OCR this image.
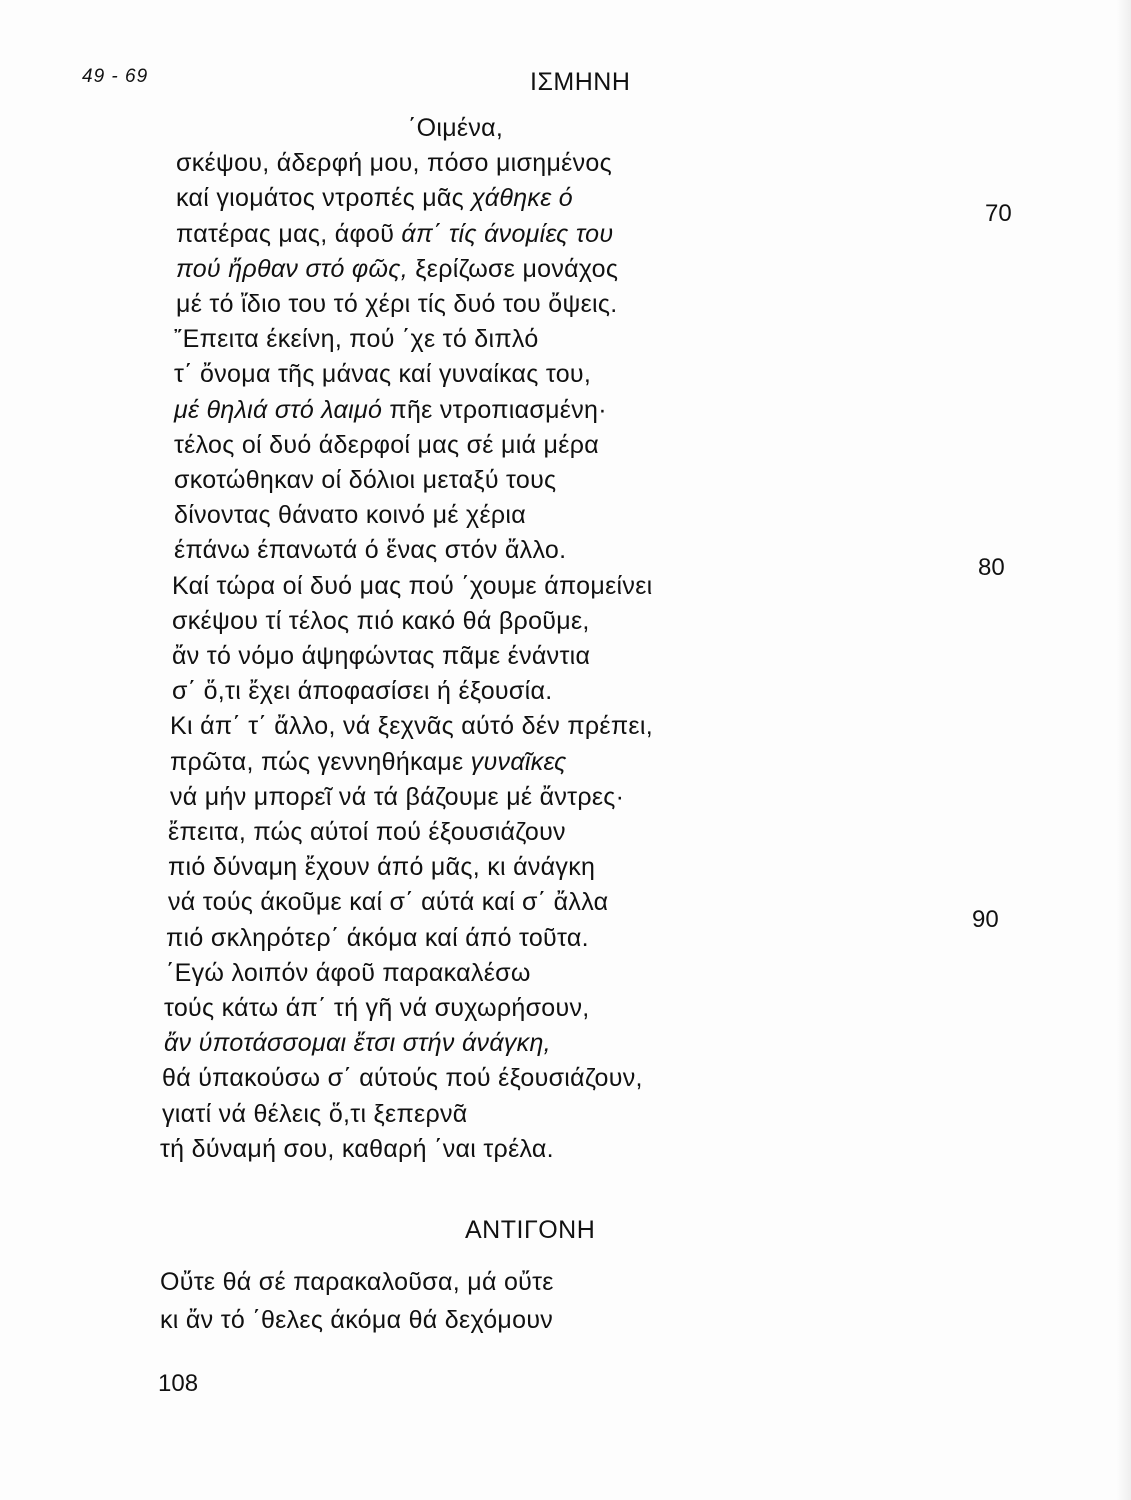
49 - 69	ΙΣΜΗΝΗ
΄Οιμένα,
σκέψου, άδερφή μου, πόσο μισημένος
καί γιομάτος ντροπές μᾶς χάθηκε ό
πατέρας μας, άφοῦ άπ΄ τίς άνομίες του
πού ἤρθαν στό φῶς, ξερίζωσε μονάχος
μέ τό ἴδιο του τό χέρι τίς δυό του ὄψεις.
῎Επειτα έκείνη, πού ΄χε τό διπλό
τ΄ ὄνομα τῆς μάνας καί γυναίκας του,
μέ θηλιά στό λαιμό πῆε ντροπιασμένη·
τέλος οί δυό άδερφοί μας σέ μιά μέρα
σκοτώθηκαν οί δόλιοι μεταξύ τους
δίνοντας θάνατο κοινό μέ χέρια
έπάνω έπανωτά ό ἕνας στόν ἄλλο.
Καί τώρα οί δυό μας πού ΄χουμε άπομείνει
σκέψου τί τέλος πιό κακό θά βροῦμε,
ἄν τό νόμο άψηφώντας πᾶμε ένάντια
σ΄ ὅ,τι ἔχει άποφασίσει ή έξουσία.
Κι άπ΄ τ΄ ἄλλο, νά ξεχνᾶς αύτό δέν πρέπει,
πρῶτα, πώς γεννηθήκαμε γυναῖκες
νά μήν μπορεῖ νά τά βάζουμε μέ ἄντρες·
ἔπειτα, πώς αύτοί πού έξουσιάζουν
πιό δύναμη ἔχουν άπό μᾶς, κι άνάγκη
νά τούς άκοῦμε καί σ΄ αύτά καί σ΄ ἄλλα
πιό σκληρότερ΄ άκόμα καί άπό τοῦτα.
΄Εγώ λοιπόν άφοῦ παρακαλέσω
τούς κάτω άπ΄ τή γῆ νά συχωρήσουν,
ἄν ύποτάσσομαι ἔτσι στήν άνάγκη,
θά ύπακούσω σ΄ αύτούς πού έξουσιάζουν,
γιατί νά θέλεις ὅ,τι ξεπερνᾶ
τή δύναμή σου, καθαρή ΄ναι τρέλα.
70
80
90
ΑΝΤΙΓΟΝΗ
Οὔτε θά σέ παρακαλοῦσα, μά οὔτε
κι ἄν τό ΄θελες άκόμα θά δεχόμουν
108
